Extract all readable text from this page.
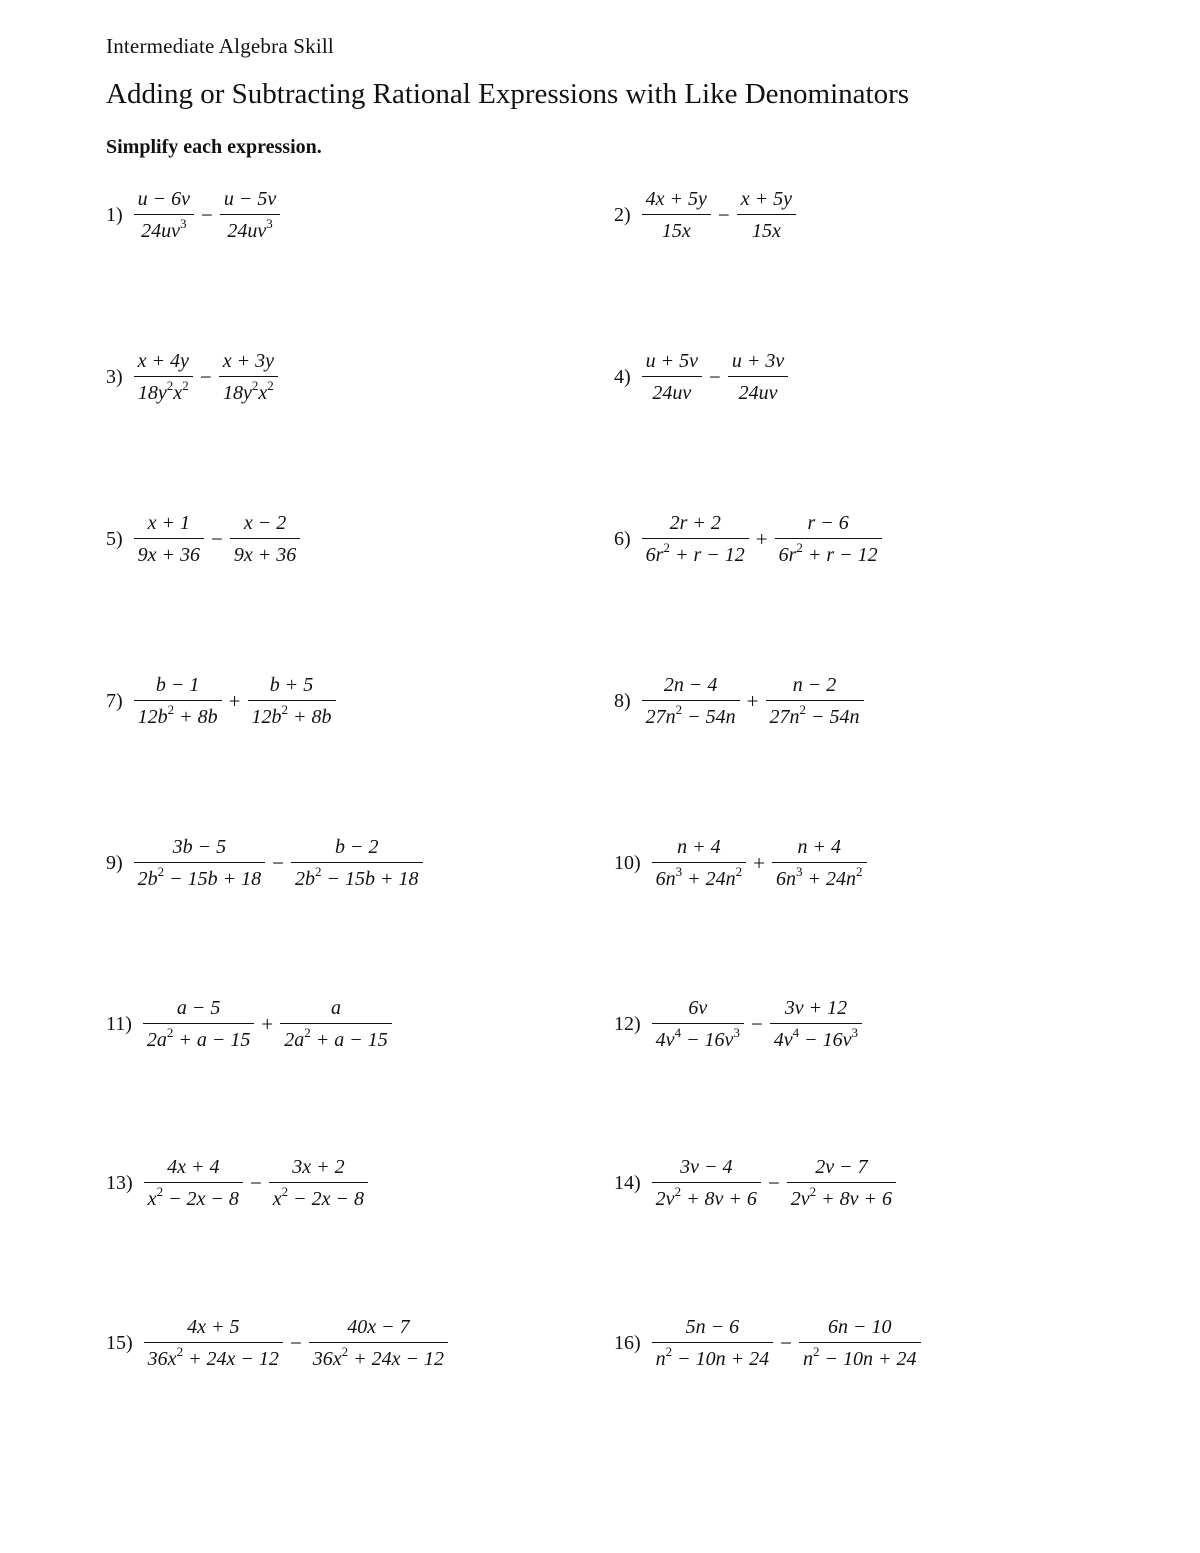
Intermediate Algebra Skill
Adding or Subtracting Rational Expressions with Like Denominators
Simplify each expression.
$1) \frac{u - 6v}{24uv^3} - \frac{u - 5v}{24uv^3}$	$2) \frac{4x + 5y}{15x} - \frac{x + 5y}{15x}$
$3) \frac{x + 4y}{18y^2x^2} - \frac{x + 3y}{18y^2x^2}$	$4) \frac{u + 5v}{24uv} - \frac{u + 3v}{24uv}$
$5) \frac{x + 1}{9x + 36} - \frac{x - 2}{9x + 36}$	$6) \frac{2r + 2}{6r^2 + r - 12} + \frac{r - 6}{6r^2 + r - 12}$
$7) \frac{b - 1}{12b^2 + 8b} + \frac{b + 5}{12b^2 + 8b}$	$8) \frac{2n - 4}{27n^2 - 54n} + \frac{n - 2}{27n^2 - 54n}$
$9) \frac{3b - 5}{2b^2 - 15b + 18} - \frac{b - 2}{2b^2 - 15b + 18}$	$10) \frac{n + 4}{6n^3 + 24n^2} + \frac{n + 4}{6n^3 + 24n^2}$
$11) \frac{a - 5}{2a^2 + a - 15} + \frac{a}{2a^2 + a - 15}$	$12) \frac{6v}{4v^4 - 16v^3} - \frac{3v + 12}{4v^4 - 16v^3}$
$13) \frac{4x + 4}{x^2 - 2x - 8} - \frac{3x + 2}{x^2 - 2x - 8}$	$14) \frac{3v - 4}{2v^2 + 8v + 6} - \frac{2v - 7}{2v^2 + 8v + 6}$
$15) \frac{4x + 5}{36x^2 + 24x - 12} - \frac{40x - 7}{36x^2 + 24x - 12}$	$16) \frac{5n - 6}{n^2 - 10n + 24} - \frac{6n - 10}{n^2 - 10n + 24}$
